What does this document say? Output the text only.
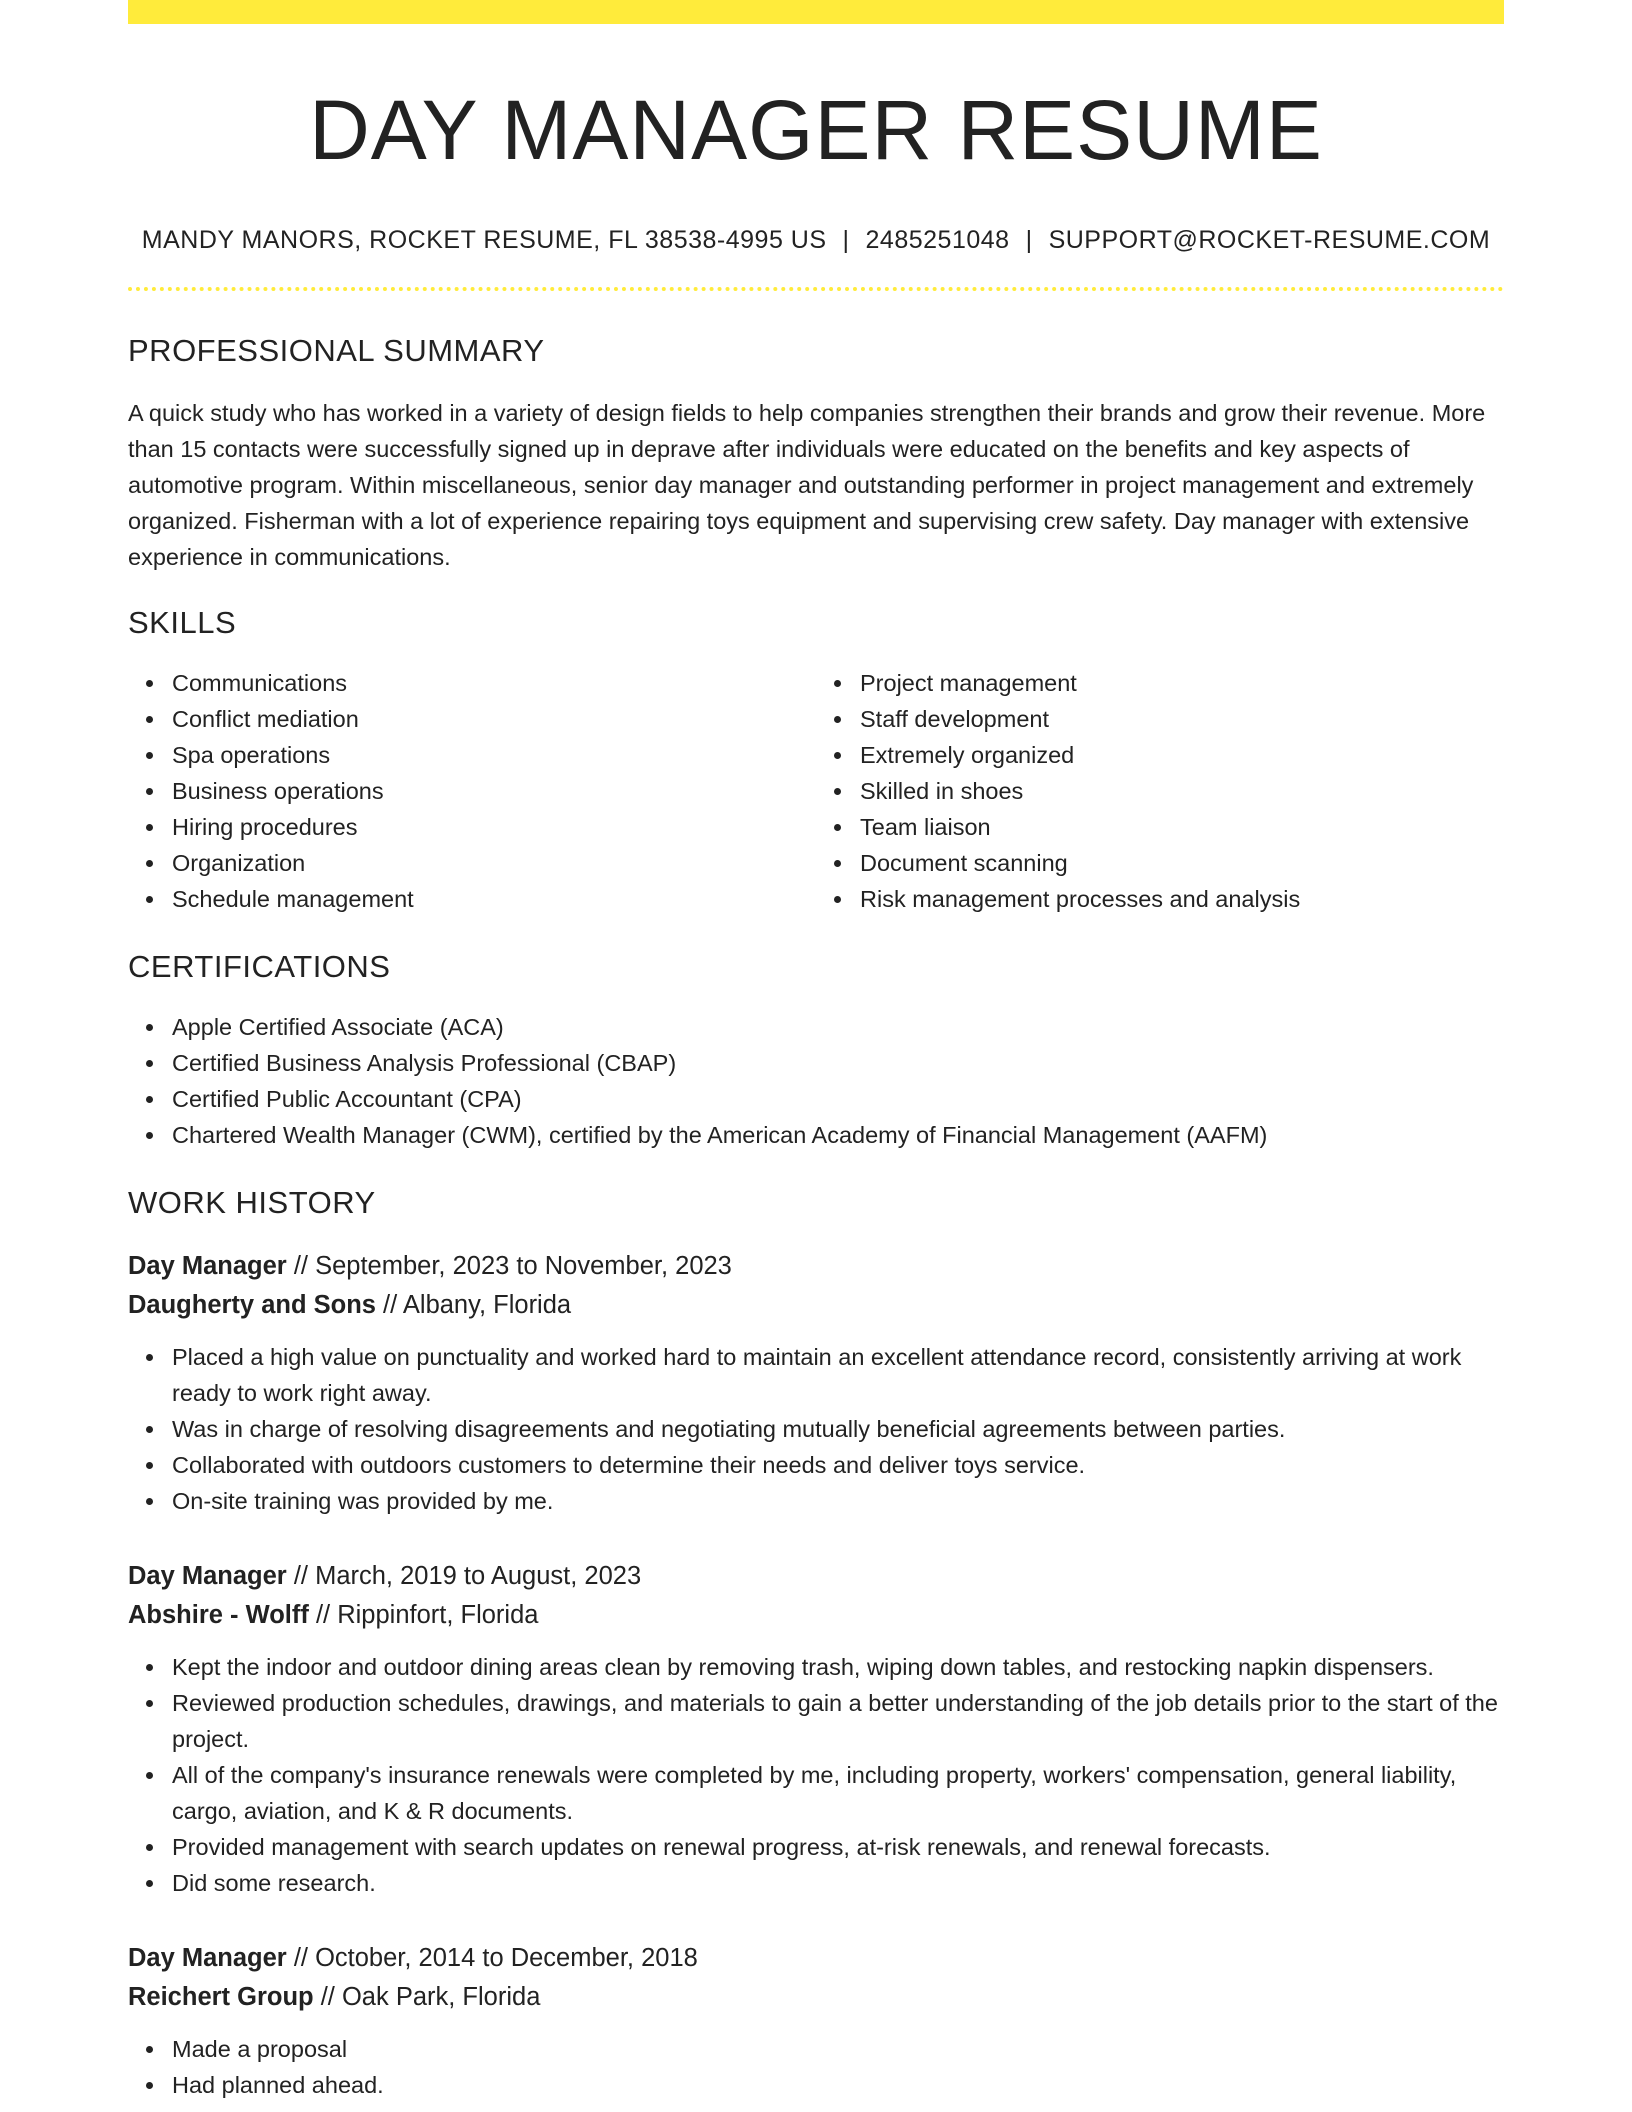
DAY MANAGER RESUME
MANDY MANORS, ROCKET RESUME, FL 38538-4995 US | 2485251048 | SUPPORT@ROCKET-RESUME.COM
PROFESSIONAL SUMMARY

A quick study who has worked in a variety of design fields to help companies strengthen their brands and grow their revenue. More than 15 contacts were successfully signed up in deprave after individuals were educated on the benefits and key aspects of automotive program. Within miscellaneous, senior day manager and outstanding performer in project management and extremely organized. Fisherman with a lot of experience repairing toys equipment and supervising crew safety. Day manager with extensive experience in communications.

SKILLS
Communications
Conflict mediation
Spa operations
Business operations
Hiring procedures
Organization
Schedule management
Project management
Staff development
Extremely organized
Skilled in shoes
Team liaison
Document scanning
Risk management processes and analysis
CERTIFICATIONS
Apple Certified Associate (ACA)
Certified Business Analysis Professional (CBAP)
Certified Public Accountant (CPA)
Chartered Wealth Manager (CWM), certified by the American Academy of Financial Management (AAFM)
WORK HISTORY
Day Manager // September, 2023 to November, 2023
Daugherty and Sons // Albany, Florida
Placed a high value on punctuality and worked hard to maintain an excellent attendance record, consistently arriving at work ready to work right away.
Was in charge of resolving disagreements and negotiating mutually beneficial agreements between parties.
Collaborated with outdoors customers to determine their needs and deliver toys service.
On-site training was provided by me.
Day Manager // March, 2019 to August, 2023
Abshire - Wolff // Rippinfort, Florida
Kept the indoor and outdoor dining areas clean by removing trash, wiping down tables, and restocking napkin dispensers.
Reviewed production schedules, drawings, and materials to gain a better understanding of the job details prior to the start of the project.
All of the company's insurance renewals were completed by me, including property, workers' compensation, general liability, cargo, aviation, and K & R documents.
Provided management with search updates on renewal progress, at-risk renewals, and renewal forecasts.
Did some research.
Day Manager // October, 2014 to December, 2018
Reichert Group // Oak Park, Florida
Made a proposal
Had planned ahead.
